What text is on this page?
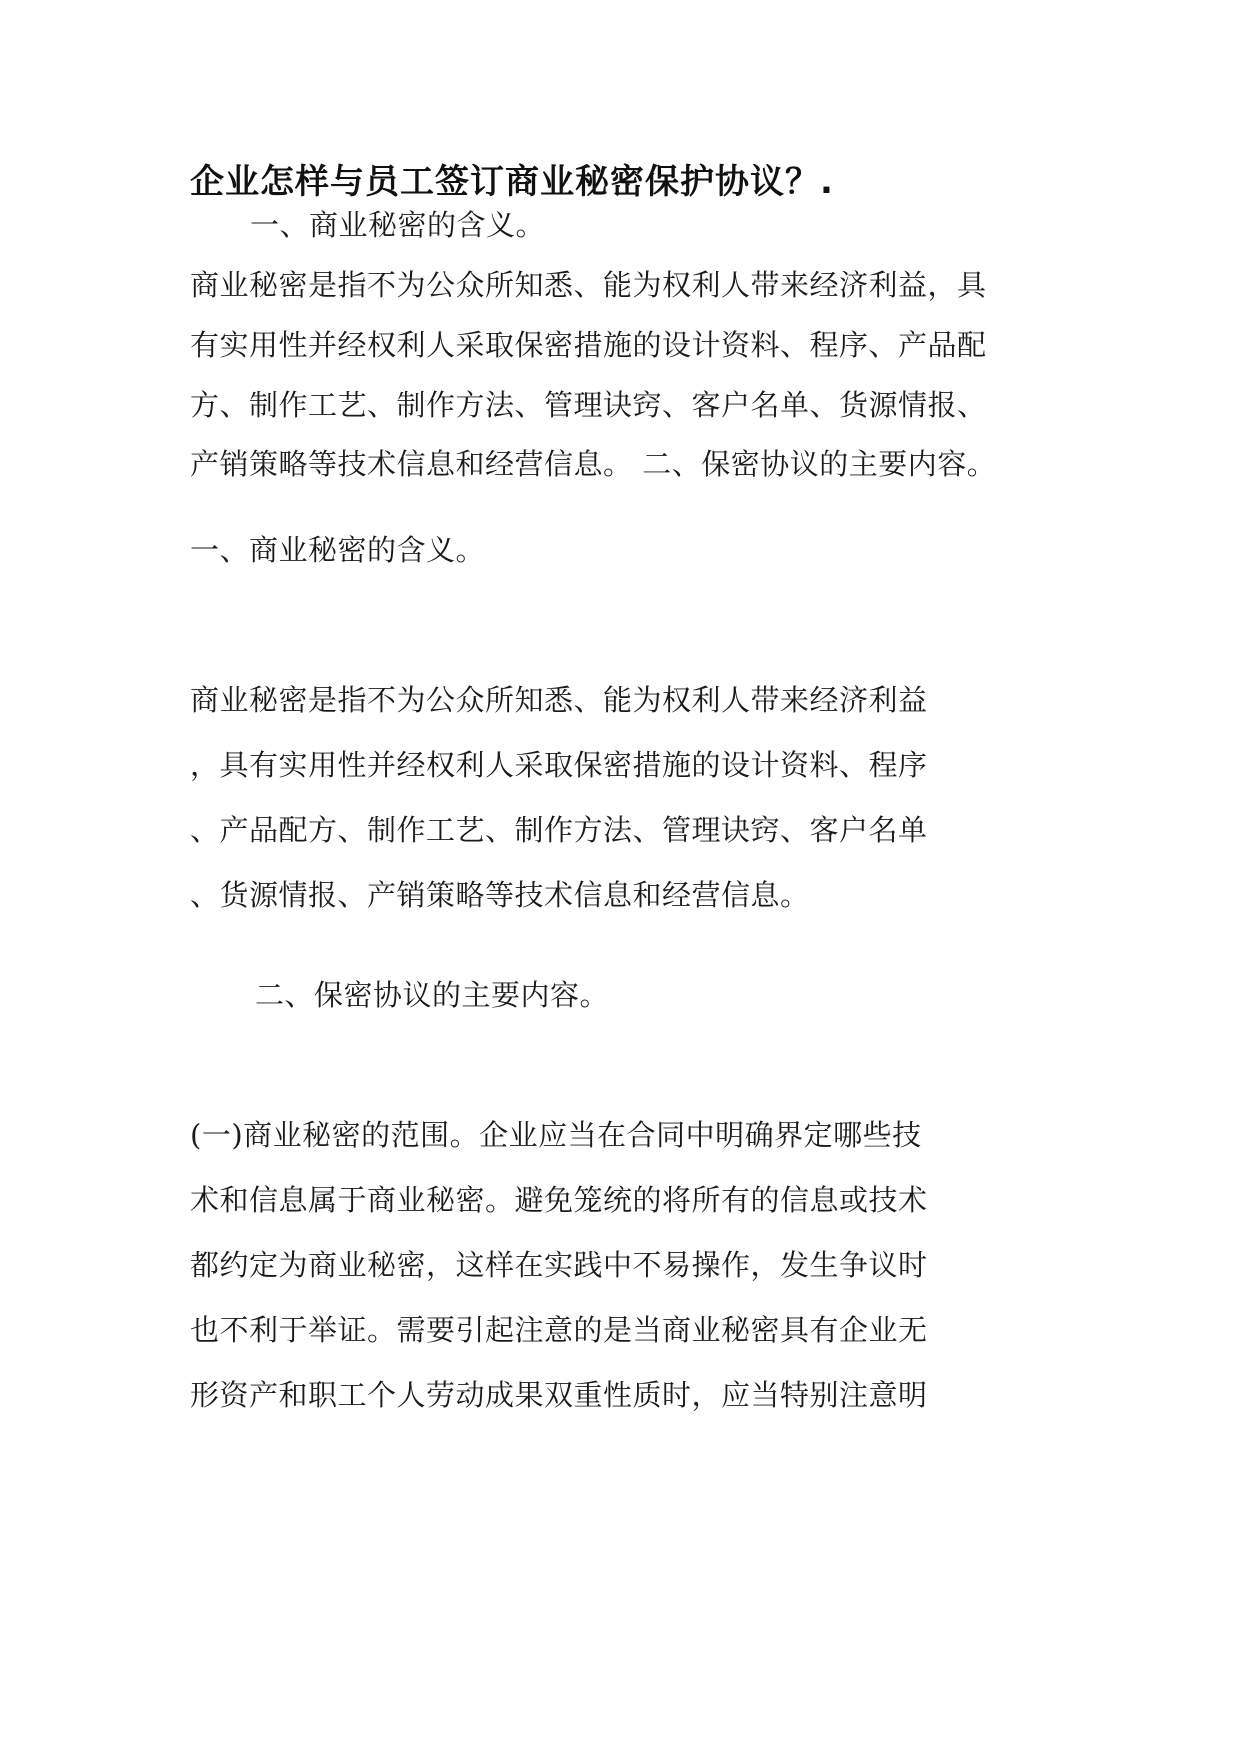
企业怎样与员工签订商业秘密保护协议？.
一、商业秘密的含义。
商业秘密是指不为公众所知悉、能为权利人带来经济利益，具
有实用性并经权利人采取保密措施的设计资料、程序、产品配
方、制作工艺、制作方法、管理诀窍、客户名单、货源情报、
产销策略等技术信息和经营信息。 二、保密协议的主要内容。
一、商业秘密的含义。
商业秘密是指不为公众所知悉、能为权利人带来经济利益
，具有实用性并经权利人采取保密措施的设计资料、程序
、产品配方、制作工艺、制作方法、管理诀窍、客户名单
、货源情报、产销策略等技术信息和经营信息。
二、保密协议的主要内容。
(一)商业秘密的范围。企业应当在合同中明确界定哪些技
术和信息属于商业秘密。避免笼统的将所有的信息或技术
都约定为商业秘密，这样在实践中不易操作，发生争议时
也不利于举证。需要引起注意的是当商业秘密具有企业无
形资产和职工个人劳动成果双重性质时，应当特别注意明
